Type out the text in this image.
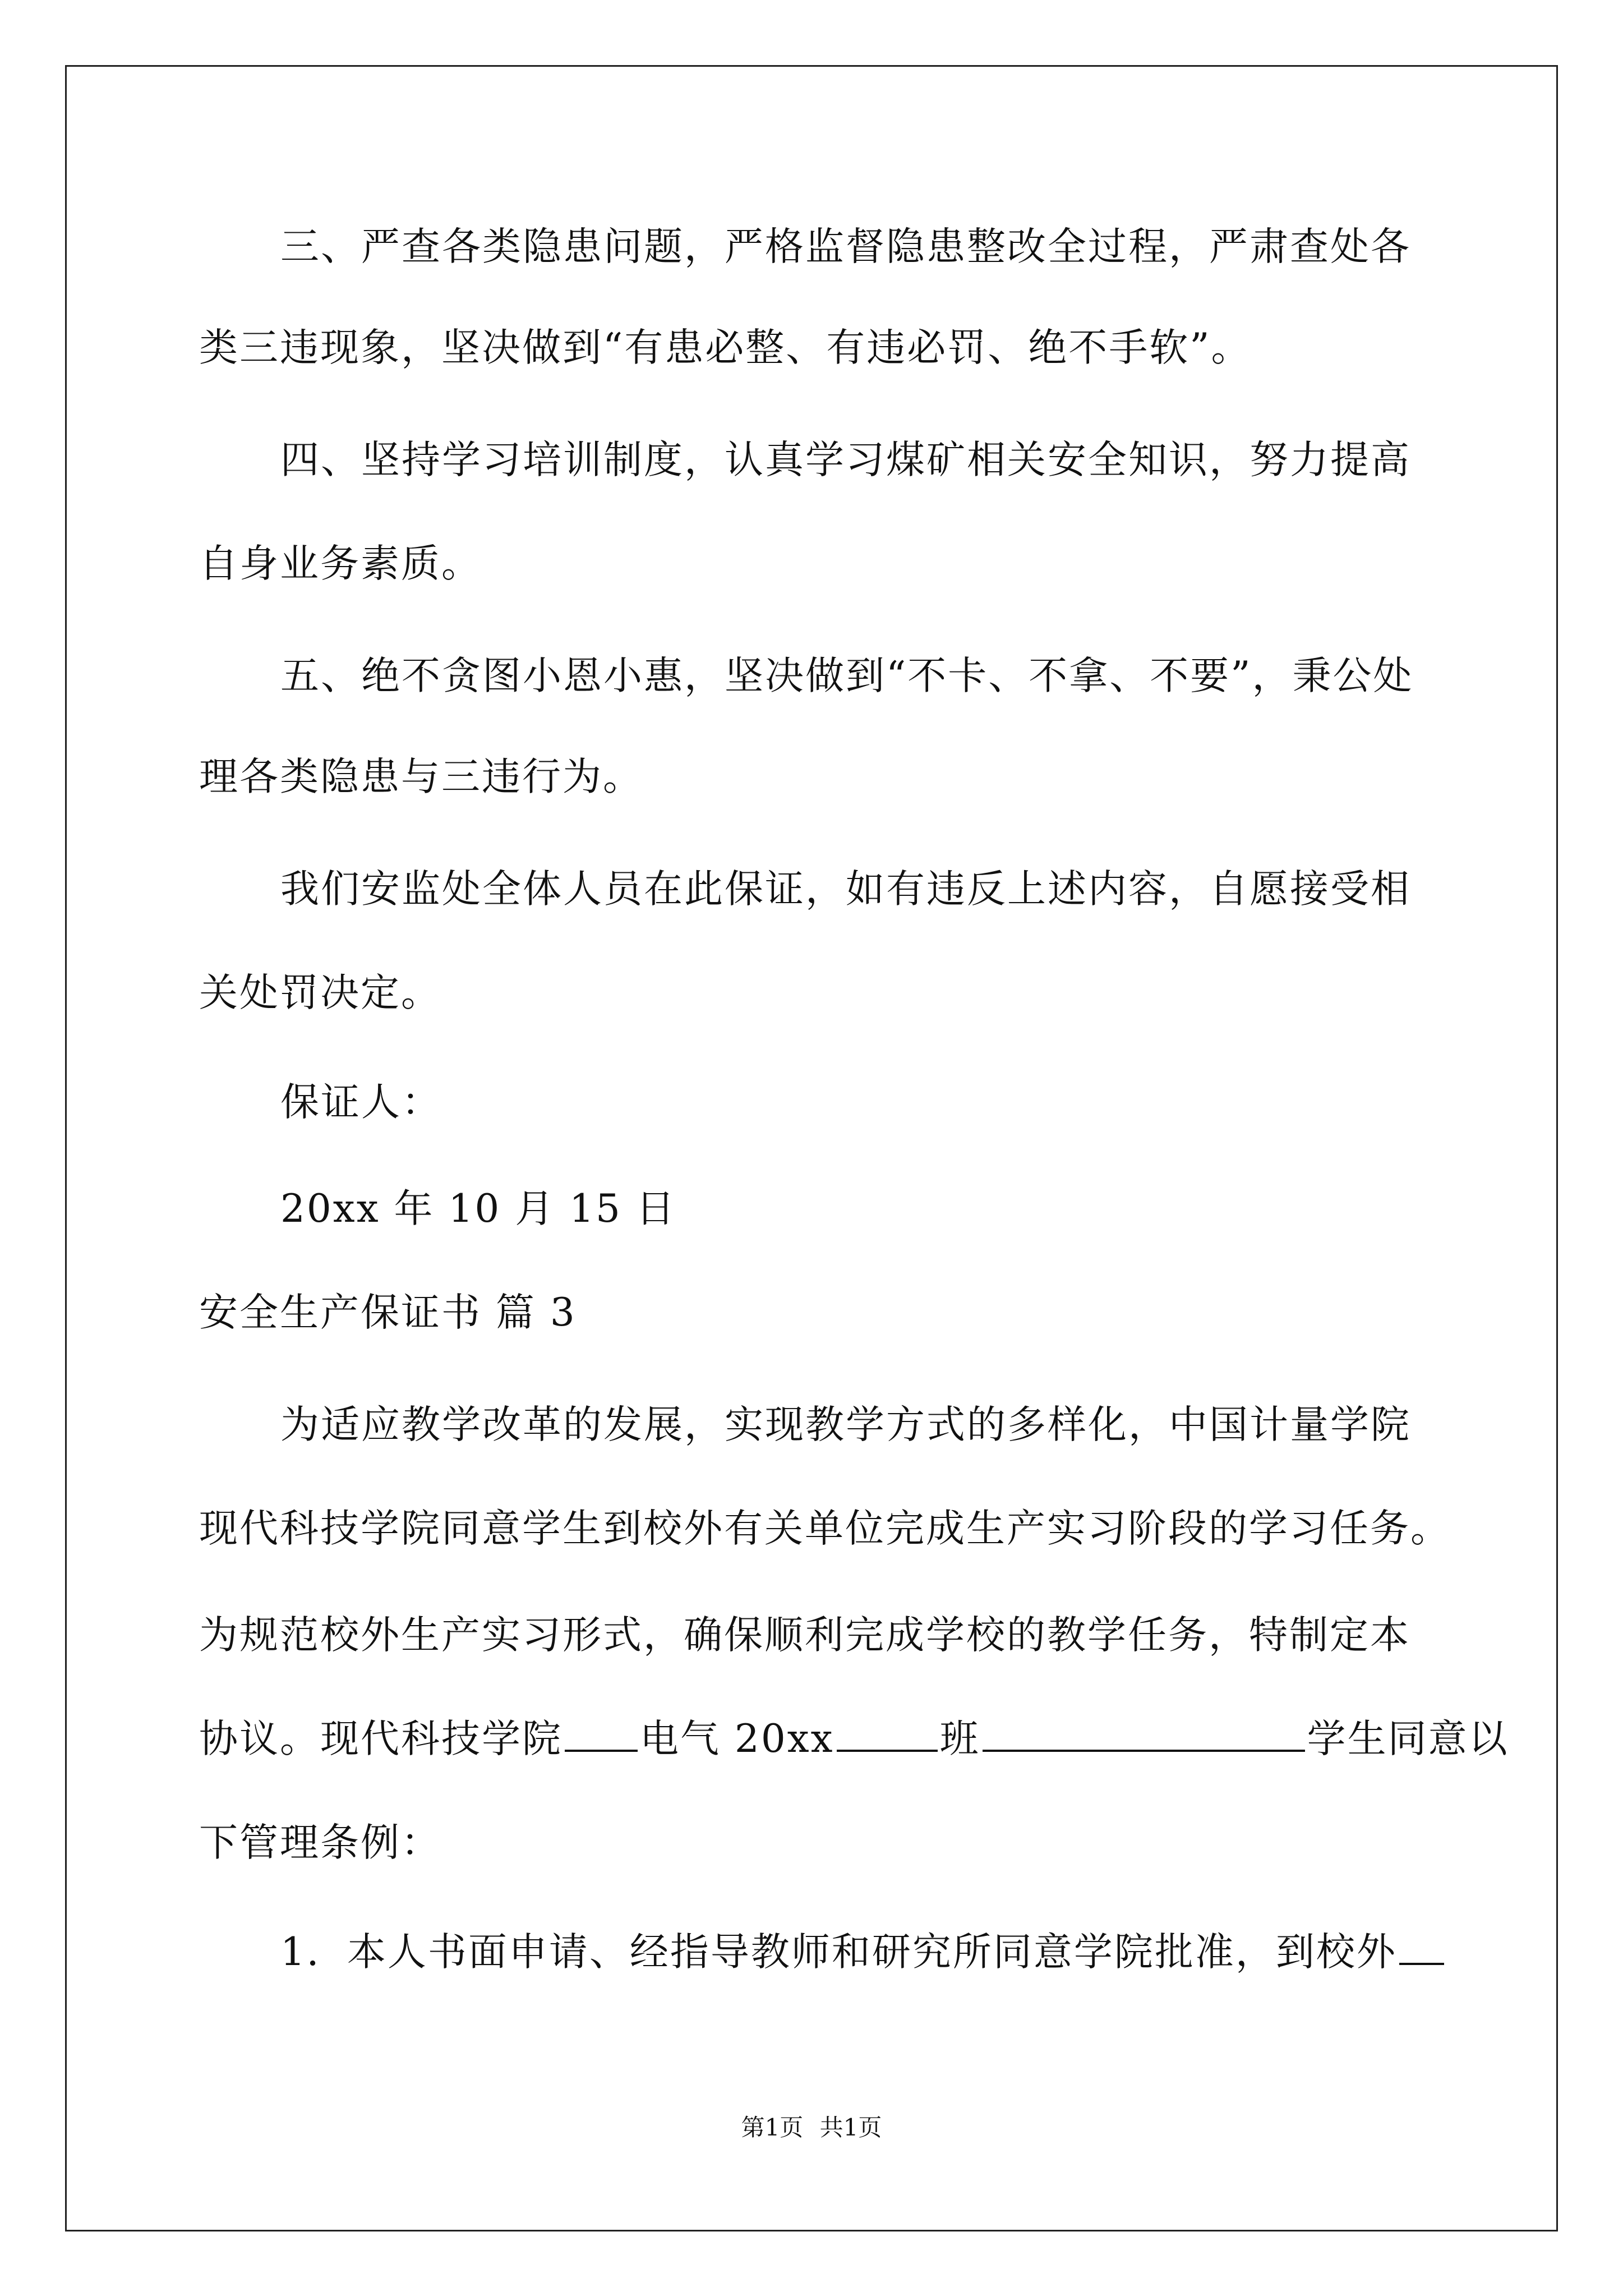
三、严查各类隐患问题，严格监督隐患整改全过程，严肃查处各
类三违现象，坚决做到“有患必整、有违必罚、绝不手软”。
四、坚持学习培训制度，认真学习煤矿相关安全知识，努力提高
自身业务素质。
五、绝不贪图小恩小惠，坚决做到“不卡、不拿、不要”，秉公处
理各类隐患与三违行为。
我们安监处全体人员在此保证，如有违反上述内容，自愿接受相
关处罚决定。
保证人：
20xx 年 10 月 15 日
安全生产保证书 篇 3
为适应教学改革的发展，实现教学方式的多样化，中国计量学院
现代科技学院同意学生到校外有关单位完成生产实习阶段的学习任务。
为规范校外生产实习形式，确保顺利完成学校的教学任务，特制定本
协议。现代科技学院 电气 20xx	班	学生同意以
下管理条例：
1．本人书面申请、经指导教师和研究所同意学院批准，到校外
第1页 共1页
